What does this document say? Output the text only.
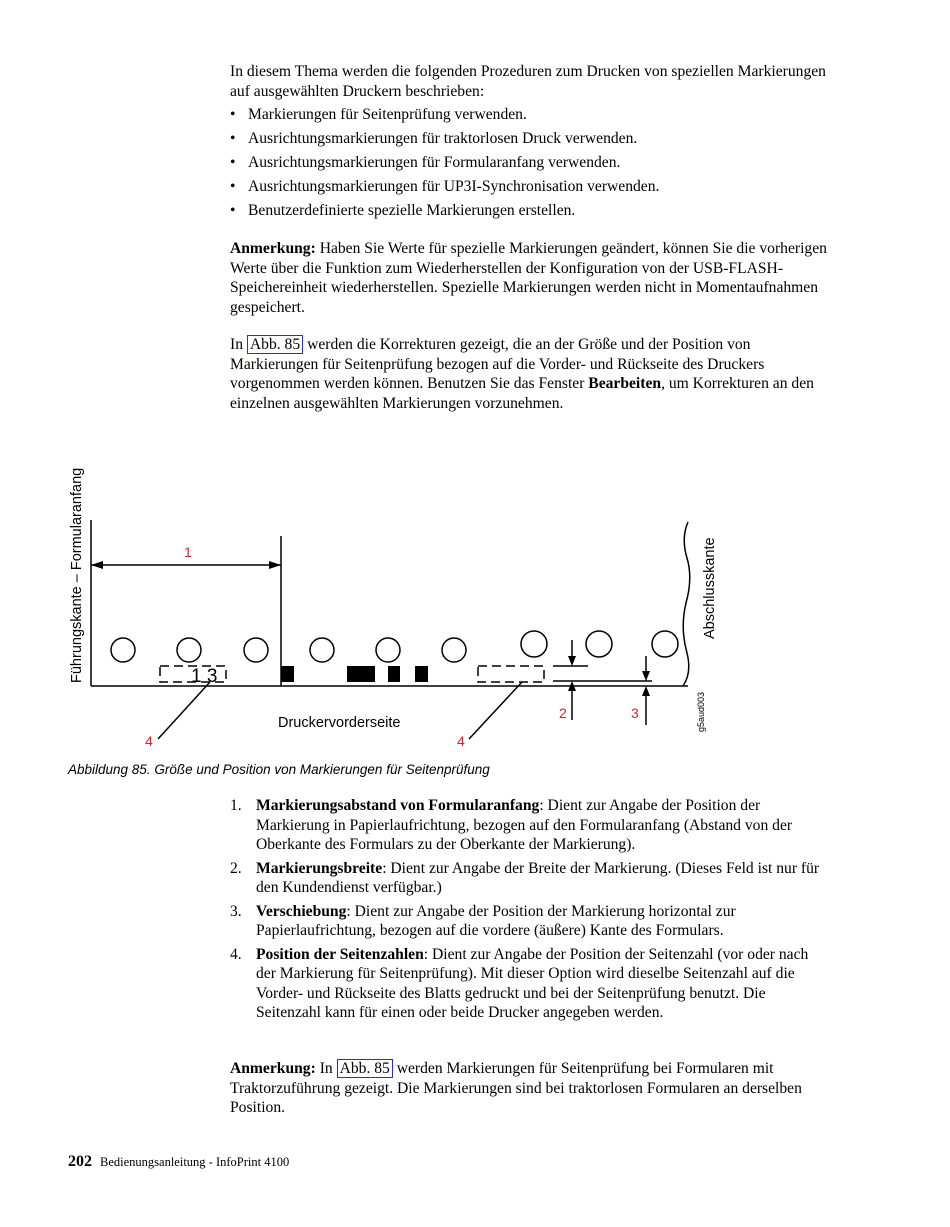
In diesem Thema werden die folgenden Prozeduren zum Drucken von speziellen Markierungen auf ausgewählten Druckern beschrieben:

• Markierungen für Seitenprüfung verwenden.
• Ausrichtungsmarkierungen für traktorlosen Druck verwenden.
• Ausrichtungsmarkierungen für Formularanfang verwenden.
• Ausrichtungsmarkierungen für UP3I-Synchronisation verwenden.
• Benutzerdefinierte spezielle Markierungen erstellen.

Anmerkung: Haben Sie Werte für spezielle Markierungen geändert, können Sie die vorherigen Werte über die Funktion zum Wiederherstellen der Konfiguration von der USB-FLASH-Speichereinheit wiederherstellen. Spezielle Markierungen werden nicht in Momentaufnahmen gespeichert.

In Abb. 85 werden die Korrekturen gezeigt, die an der Größe und der Position von Markierungen für Seitenprüfung bezogen auf die Vorder- und Rückseite des Druckers vorgenommen werden können. Benutzen Sie das Fenster Bearbeiten, um Korrekturen an den einzelnen ausgewählten Markierungen vorzunehmen.

1 3
1
2	3
4	4
Druckervorderseite
Führungskante – Formularanfang	Abschlusskante
g5aud003
Abbildung 85. Größe und Position von Markierungen für Seitenprüfung
1. Markierungsabstand von Formularanfang: Dient zur Angabe der Position der Markierung in Papierlaufrichtung, bezogen auf den Formularanfang (Abstand von der Oberkante des Formulars zu der Oberkante der Markierung).
2. Markierungsbreite: Dient zur Angabe der Breite der Markierung. (Dieses Feld ist nur für den Kundendienst verfügbar.)
3. Verschiebung: Dient zur Angabe der Position der Markierung horizontal zur Papierlaufrichtung, bezogen auf die vordere (äußere) Kante des Formulars.
4. Position der Seitenzahlen: Dient zur Angabe der Position der Seitenzahl (vor oder nach der Markierung für Seitenprüfung). Mit dieser Option wird dieselbe Seitenzahl auf die Vorder- und Rückseite des Blatts gedruckt und bei der Seitenprüfung benutzt. Die Seitenzahl kann für einen oder beide Drucker angegeben werden.

Anmerkung: In Abb. 85 werden Markierungen für Seitenprüfung bei Formularen mit Traktorzuführung gezeigt. Die Markierungen sind bei traktorlosen Formularen an derselben Position.

202 Bedienungsanleitung - InfoPrint 4100
